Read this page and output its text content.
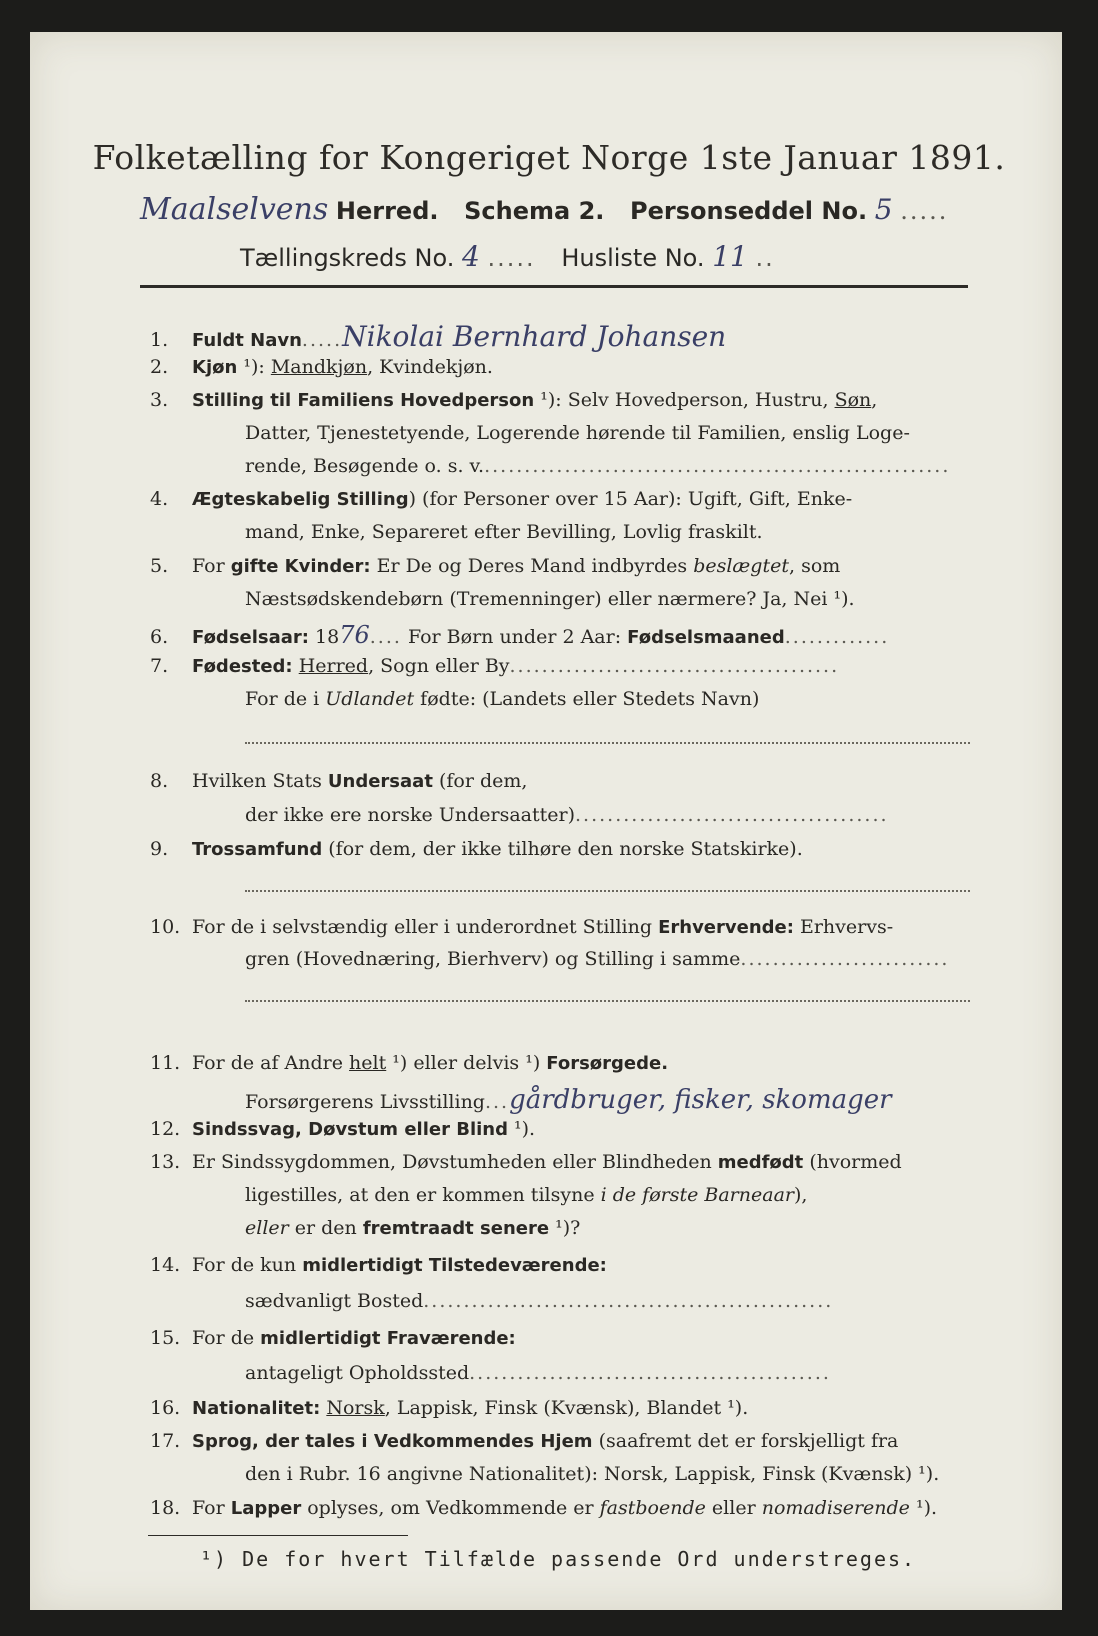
Folketælling for Kongeriget Norge 1ste Januar 1891.
Maalselvens Herred. Schema 2. Personseddel No. 5 .....
Tællingskreds No. 4 ..... Husliste No. 11 ..
1. Fuldt Navn.....Nikolai Bernhard Johansen
2. Kjøn ¹): Mandkjøn, Kvindekjøn.
3. Stilling til Familiens Hovedperson ¹): Selv Hovedperson, Hustru, Søn,
Datter, Tjenestetyende, Logerende hørende til Familien, enslig Loge-
rende, Besøgende o. s. v...........................................................
4. Ægteskabelig Stilling) (for Personer over 15 Aar): Ugift, Gift, Enke-
mand, Enke, Separeret efter Bevilling, Lovlig fraskilt.
5. For gifte Kvinder: Er De og Deres Mand indbyrdes beslægtet, som
Næstsødskendebørn (Tremenninger) eller nærmere? Ja, Nei ¹).
6. Fødselsaar: 1876.... For Børn under 2 Aar: Fødselsmaaned.............
7. Fødested: Herred, Sogn eller By.........................................
For de i Udlandet fødte: (Landets eller Stedets Navn)
8. Hvilken Stats Undersaat (for dem,
der ikke ere norske Undersaatter).......................................
9. Trossamfund (for dem, der ikke tilhøre den norske Statskirke).
10. For de i selvstændig eller i underordnet Stilling Erhvervende: Erhvervs-
gren (Hovednæring, Bierhverv) og Stilling i samme..........................
11. For de af Andre helt ¹) eller delvis ¹) Forsørgede.
Forsørgerens Livsstilling...gårdbruger, fisker, skomager
12. Sindssvag, Døvstum eller Blind ¹).
13. Er Sindssygdommen, Døvstumheden eller Blindheden medfødt (hvormed
ligestilles, at den er kommen tilsyne i de første Barneaar),
eller er den fremtraadt senere ¹)?
14. For de kun midlertidigt Tilstedeværende:
sædvanligt Bosted...................................................
15. For de midlertidigt Fraværende:
antageligt Opholdssted.............................................
16. Nationalitet: Norsk, Lappisk, Finsk (Kvænsk), Blandet ¹).
17. Sprog, der tales i Vedkommendes Hjem (saafremt det er forskjelligt fra
den i Rubr. 16 angivne Nationalitet): Norsk, Lappisk, Finsk (Kvænsk) ¹).
18. For Lapper oplyses, om Vedkommende er fastboende eller nomadiserende ¹).
¹) De for hvert Tilfælde passende Ord understreges.
